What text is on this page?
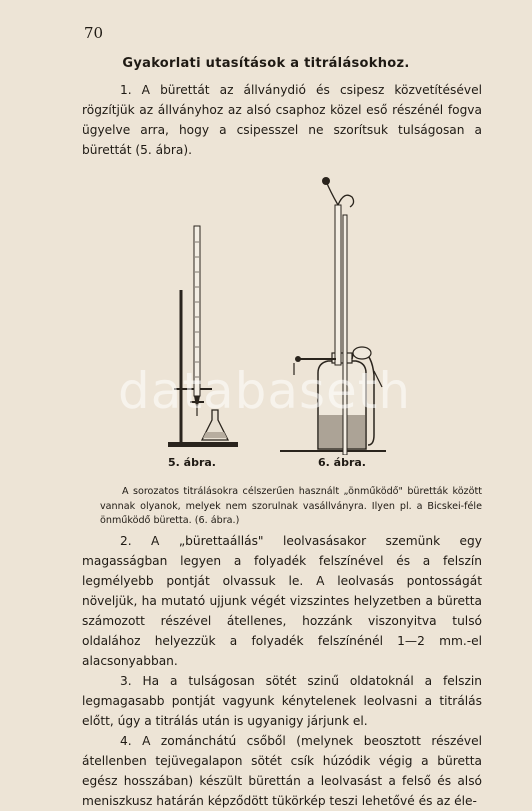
70
Gyakorlati utasítások a titrálásokhoz.
1. A bürettát az állványdió és csipesz közvetítésével rögzítjük az állványhoz az alsó csaphoz közel eső részénél fogva ügyelve arra, hogy a csipesszel ne szorítsuk tulságosan a bürettát (5. ábra).
5. ábra.	6. ábra.
A sorozatos titrálásokra célszerűen használt „önműködő" büretták között vannak olyanok, melyek nem szorulnak vasállványra. Ilyen pl. a Bicskei-féle önműködő büretta. (6. ábra.)
2. A „bürettaállás" leolvasásakor szemünk egy magasságban legyen a folyadék felszínével és a felszín legmélyebb pontját olvassuk le. A leolvasás pontosságát növeljük, ha mutató ujjunk végét vizszintes helyzetben a büretta számozott részével átellenes, hozzánk viszonyitva tulsó oldalához helyezzük a folyadék felszínénél 1—2 mm.-el alacsonyabban.
3. Ha a tulságosan sötét szinű oldatoknál a felszin legmagasabb pontját vagyunk kénytelenek leolvasni a titrálás előtt, úgy a titrálás után is ugyanigy járjunk el.
4. A zománchátú csőből (melynek beosztott részével átellenben tejüvegalapon sötét csík húzódik végig a büretta egész hosszában) készült bürettán a leolvasást a felső és alsó meniszkusz határán képződött tükörkép teszi lehetővé és az éle-
databaseth
